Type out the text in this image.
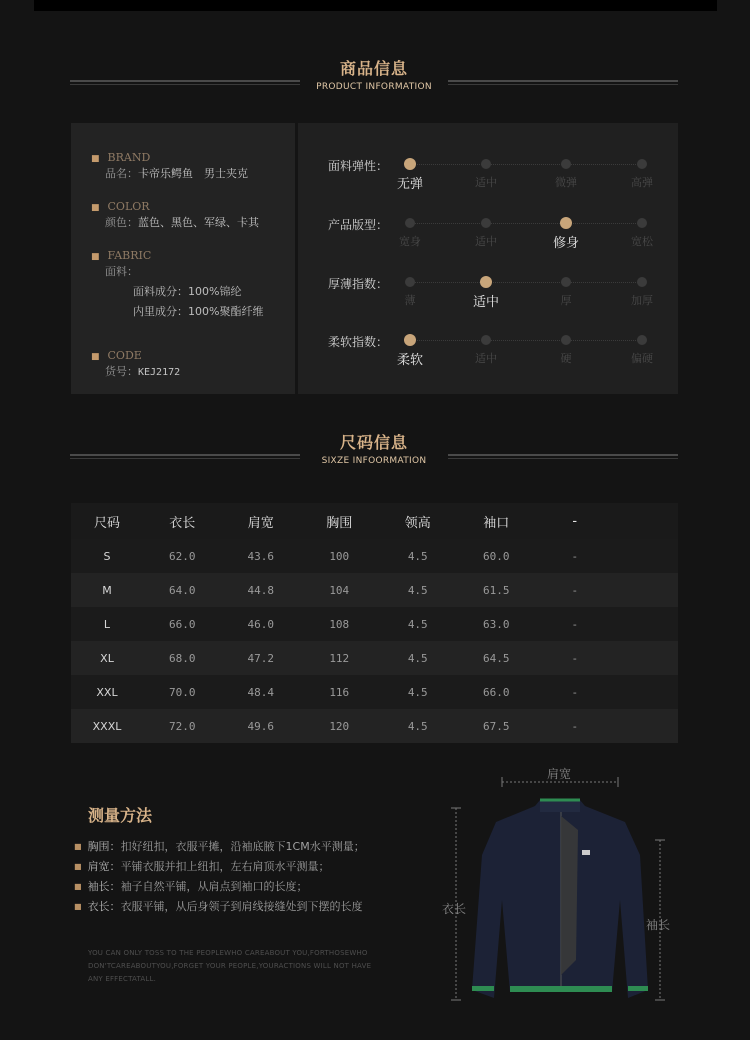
商品信息
PRODUCT INFORMATION
■ BRAND
品名：卡帝乐鳄鱼　男士夹克
■ COLOR
颜色：蓝色、黑色、军绿、卡其
■ FABRIC
面料：
面料成分：100%锦纶
内里成分：100%聚酯纤维
■ CODE
货号：KEJ2172
面料弹性：
无弹	适中	微弹	高弹
产品版型：
宽身	适中	修身	宽松
厚薄指数：
薄	适中	厚	加厚
柔软指数：
柔软	适中	硬	偏硬
尺码信息
SIXZE INFOORMATION
尺码	衣长	肩宽	胸围	领高	袖口	-
S	62.0	43.6	100	4.5	60.0	-
M	64.0	44.8	104	4.5	61.5	-
L	66.0	46.0	108	4.5	63.0	-
XL	68.0	47.2	112	4.5	64.5	-
XXL	70.0	48.4	116	4.5	66.0	-
XXXL	72.0	49.6	120	4.5	67.5	-
测量方法
■ 胸围：扣好纽扣，衣服平摊，沿袖底腋下1CM水平测量；
■ 肩宽：平铺衣服并扣上纽扣，左右肩顶水平测量；
■ 袖长：袖子自然平铺，从肩点到袖口的长度；
■ 衣长：衣服平铺，从后身领子到肩线接缝处到下摆的长度
YOU CAN ONLY TOSS TO THE PEOPLEWHO CAREABOUT YOU,FORTHOSEWHO DON'TCAREABOUTYOU,FORGET YOUR PEOPLE,YOURACTIONS WILL NOT HAVE ANY EFFECTATALL.
肩宽
衣长
袖长
